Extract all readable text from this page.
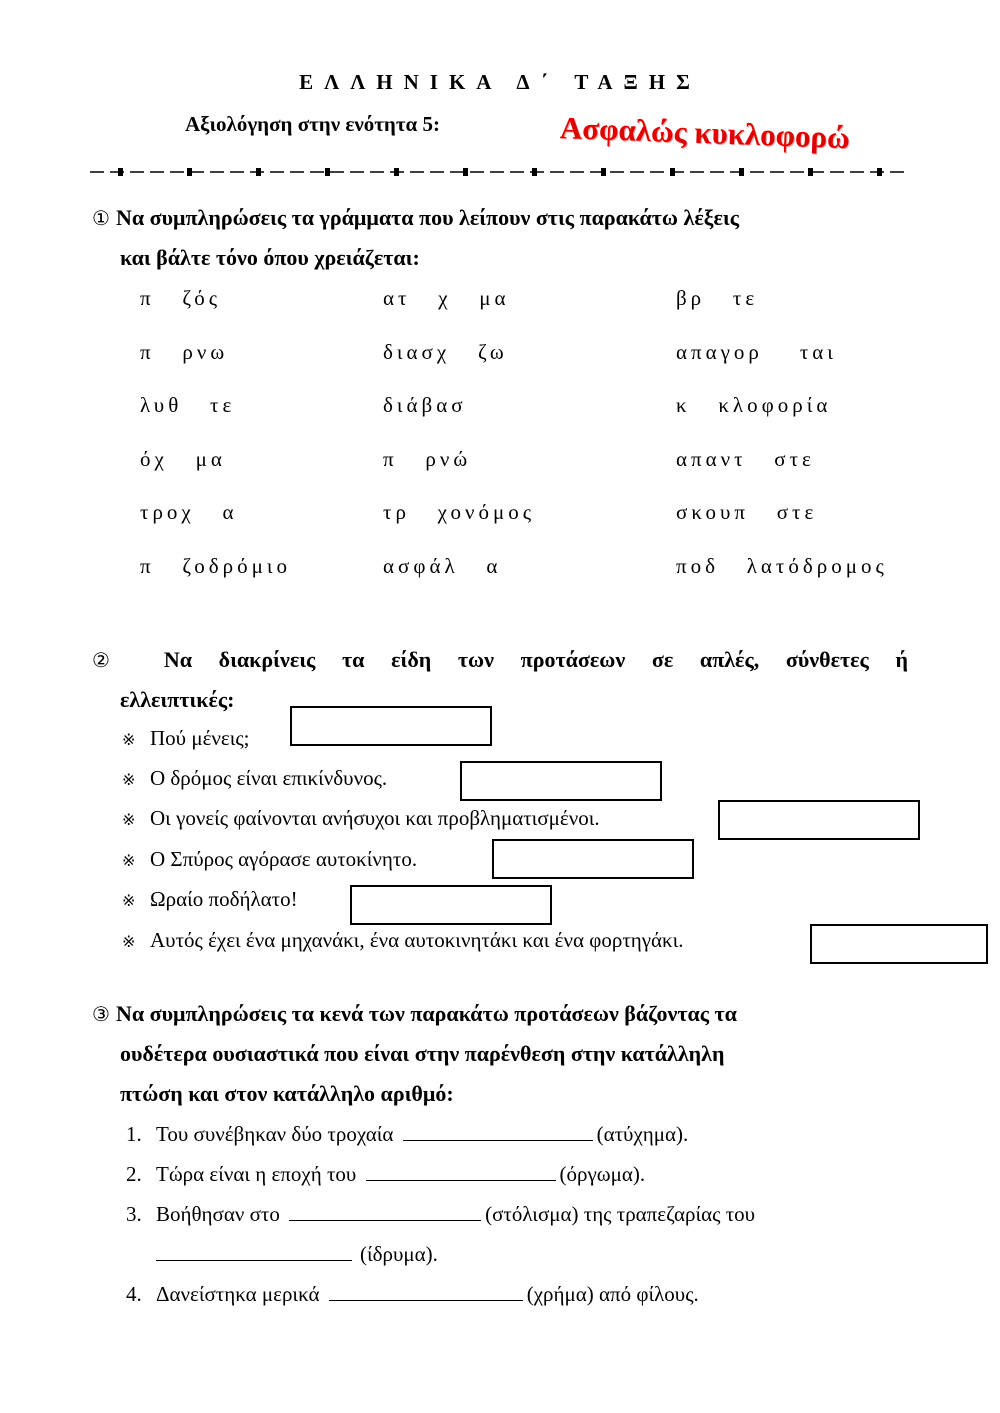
ΕΛΛΗΝΙΚΑ Δ΄ ΤΑΞΗΣ
Αξιολόγηση στην ενότητα 5:	Ασφαλώς κυκλοφορώ
① Να συμπληρώσεις τα γράμματα που λείπουν στις παρακάτω λέξεις
και βάλτε τόνο όπου χρειάζεται:
π   ζός	ατ   χ   μα	βρ   τε
π   ρνω	διασχ   ζω	απαγορ    ται
λυθ   τε	διάβασ	κ   κλοφορία
όχ   μα	π   ρνώ	απαντ   στε
τροχ   α	τρ   χονόμος	σκουπ   στε
π   ζοδρόμιο	ασφάλ   α	ποδ   λατόδρομος
② Να διακρίνεις τα είδη των προτάσεων σε απλές, σύνθετες ή
ελλειπτικές:
※ Πού μένεις;
※ Ο δρόμος είναι επικίνδυνος.
※ Οι γονείς φαίνονται ανήσυχοι και προβληματισμένοι.
※ Ο Σπύρος αγόρασε αυτοκίνητο.
※ Ωραίο ποδήλατο!
※ Αυτός έχει ένα μηχανάκι, ένα αυτοκινητάκι και ένα φορτηγάκι.
③ Να συμπληρώσεις τα κενά των παρακάτω προτάσεων βάζοντας τα
ουδέτερα ουσιαστικά που είναι στην παρένθεση στην κατάλληλη
πτώση και στον κατάλληλο αριθμό:
1. Του συνέβηκαν δύο τροχαία	(ατύχημα).
2. Τώρα είναι η εποχή του	(όργωμα).
3. Βοήθησαν στο	(στόλισμα) της τραπεζαρίας του
(ίδρυμα).
4. Δανείστηκα μερικά	(χρήμα) από φίλους.
